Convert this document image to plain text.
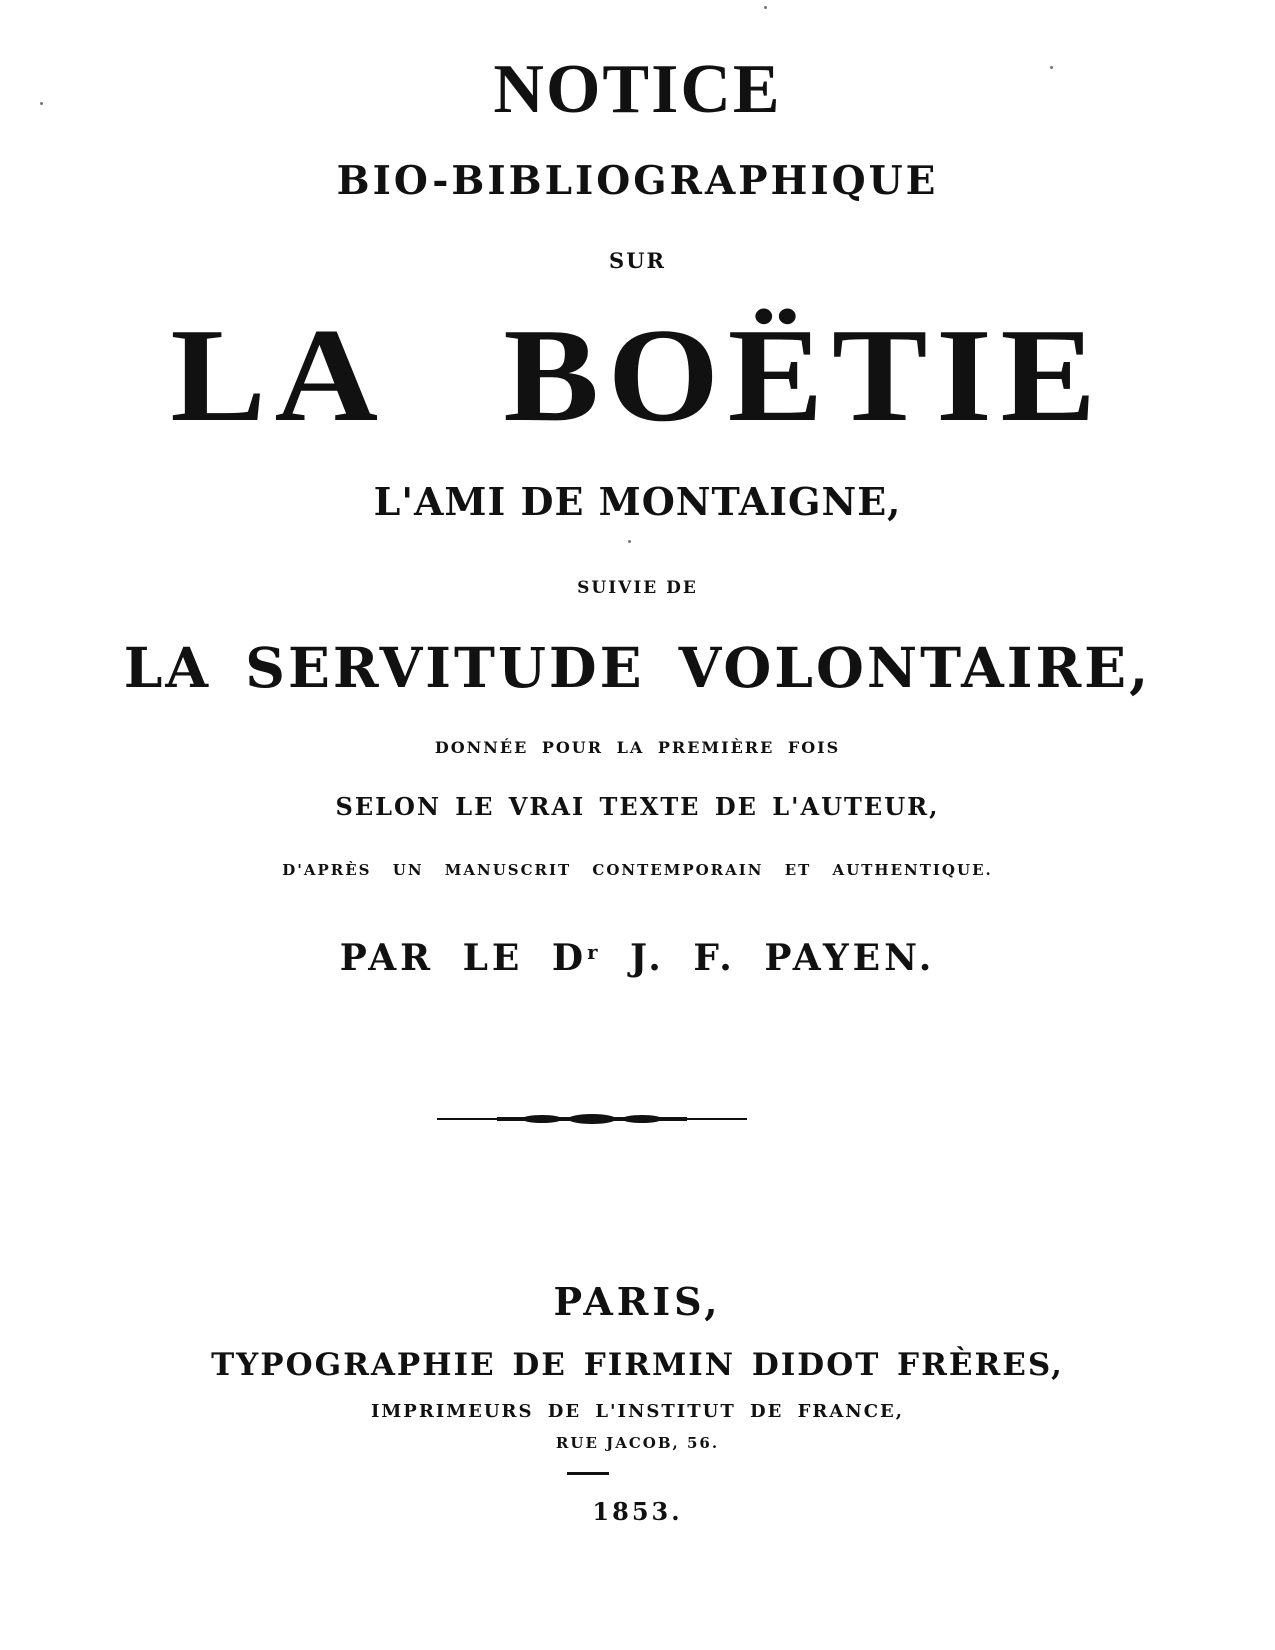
NOTICE
BIO-BIBLIOGRAPHIQUE
SUR
LA BOËTIE
L'AMI DE MONTAIGNE,
SUIVIE DE
LA SERVITUDE VOLONTAIRE,
DONNÉE POUR LA PREMIÈRE FOIS
SELON LE VRAI TEXTE DE L'AUTEUR,
D'APRÈS UN MANUSCRIT CONTEMPORAIN ET AUTHENTIQUE.
PAR LE $D^r$ J. F. PAYEN.
PARIS,
TYPOGRAPHIE DE FIRMIN DIDOT FRÈRES,
IMPRIMEURS DE L'INSTITUT DE FRANCE,
RUE JACOB, 56.
1853.
